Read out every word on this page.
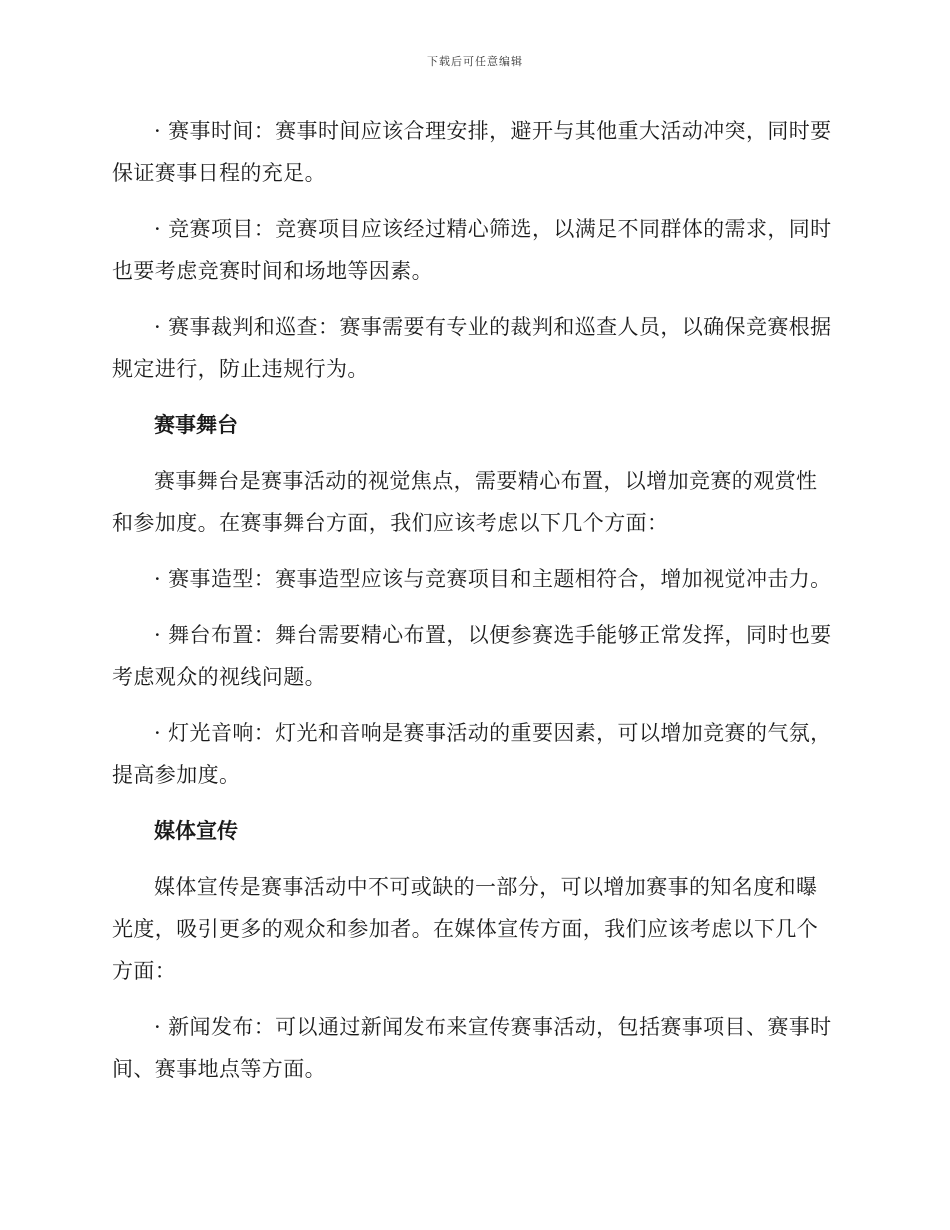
下载后可任意编辑

· 赛事时间：赛事时间应该合理安排，避开与其他重大活动冲突，同时要保证赛事日程的充足。

· 竞赛项目：竞赛项目应该经过精心筛选，以满足不同群体的需求，同时也要考虑竞赛时间和场地等因素。

· 赛事裁判和巡查：赛事需要有专业的裁判和巡查人员，以确保竞赛根据规定进行，防止违规行为。

赛事舞台

赛事舞台是赛事活动的视觉焦点，需要精心布置，以增加竞赛的观赏性和参加度。在赛事舞台方面，我们应该考虑以下几个方面：

· 赛事造型：赛事造型应该与竞赛项目和主题相符合，增加视觉冲击力。

· 舞台布置：舞台需要精心布置，以便参赛选手能够正常发挥，同时也要考虑观众的视线问题。

· 灯光音响：灯光和音响是赛事活动的重要因素，可以增加竞赛的气氛，提高参加度。

媒体宣传

媒体宣传是赛事活动中不可或缺的一部分，可以增加赛事的知名度和曝光度，吸引更多的观众和参加者。在媒体宣传方面，我们应该考虑以下几个方面：

· 新闻发布：可以通过新闻发布来宣传赛事活动，包括赛事项目、赛事时间、赛事地点等方面。
